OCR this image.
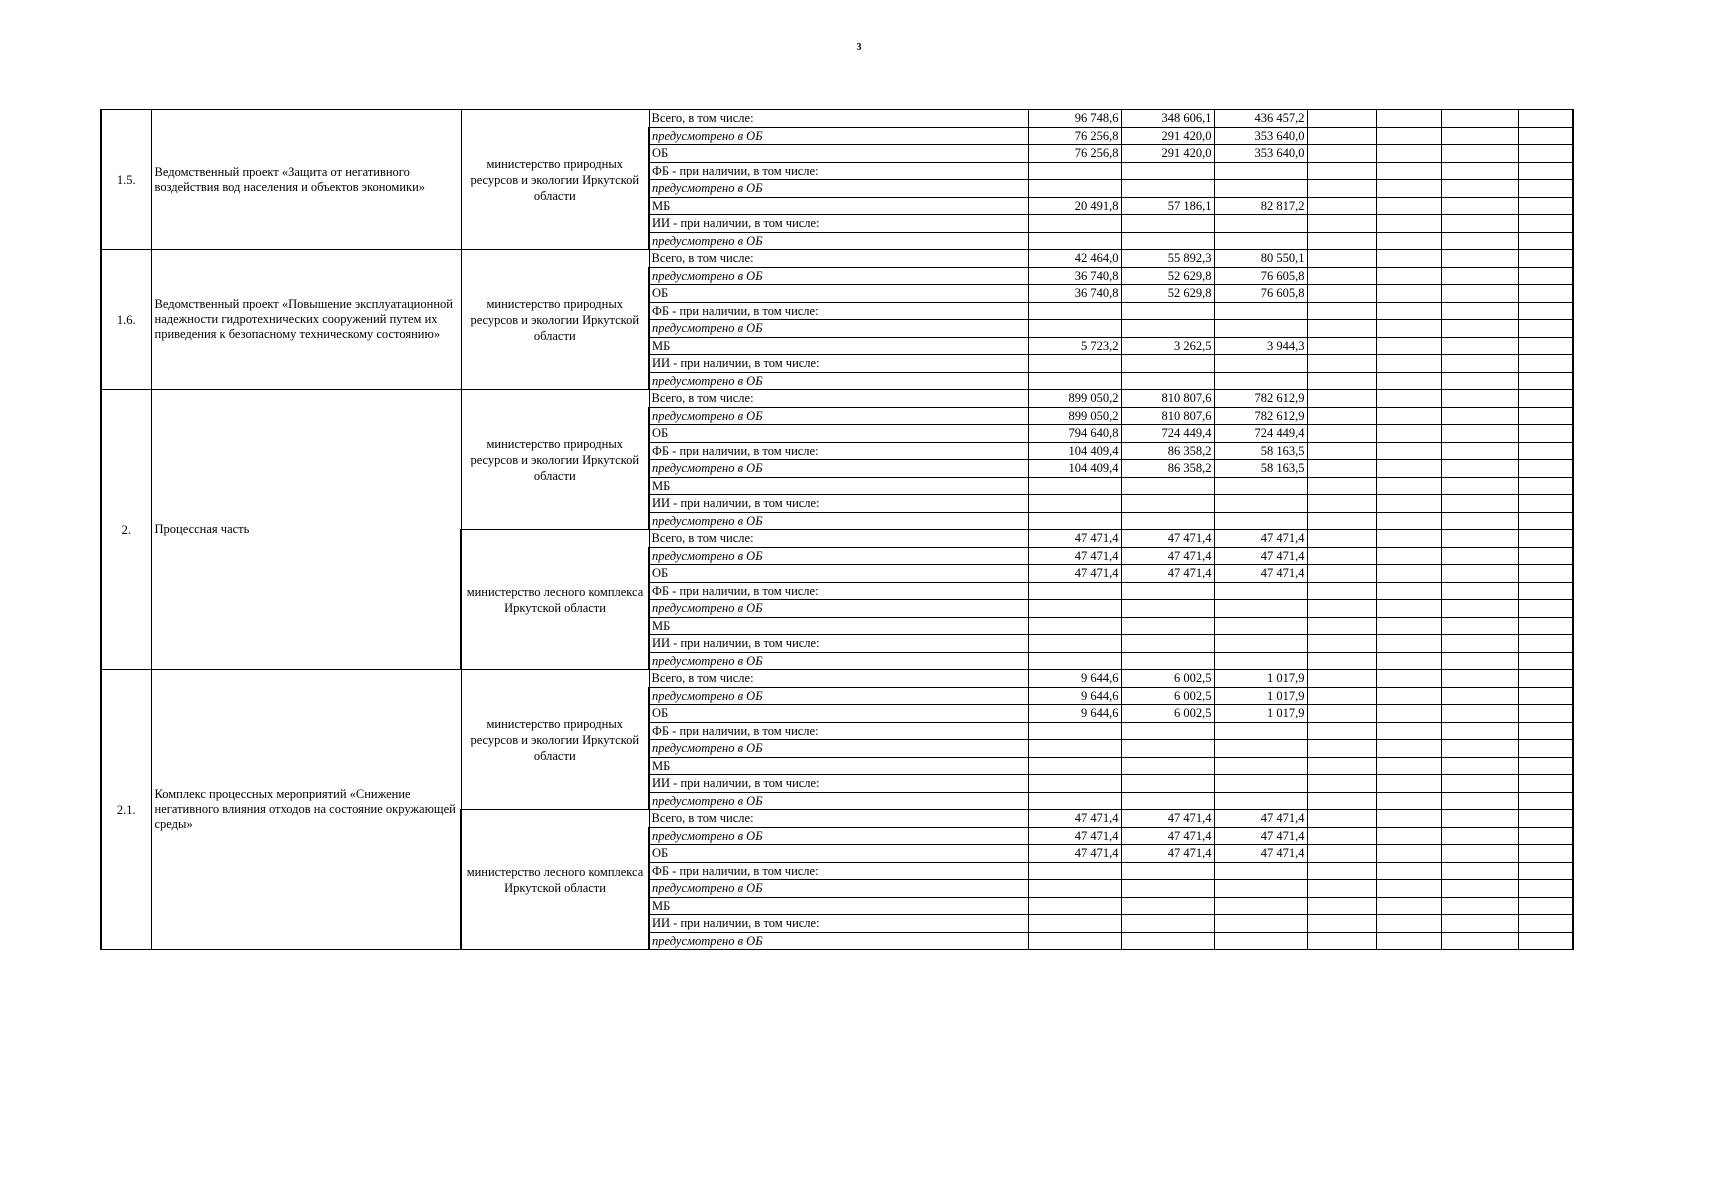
3
1.5.	Ведомственный проект «Защита от негативного воздействия вод населения и объектов экономики»	министерство природных ресурсов и экологии Иркутской области	Всего, в том числе:	96 748,6	348 606,1	436 457,2				
			предусмотрено в ОБ	76 256,8	291 420,0	353 640,0				
			ОБ	76 256,8	291 420,0	353 640,0				
			ФБ - при наличии, в том числе:							
			предусмотрено в ОБ							
			МБ	20 491,8	57 186,1	82 817,2				
			ИИ - при наличии, в том числе:							
			предусмотрено в ОБ							
1.6.	Ведомственный проект «Повышение эксплуатационной надежности гидротехнических сооружений путем их приведения к безопасному техническому состоянию»	министерство природных ресурсов и экологии Иркутской области	Всего, в том числе:	42 464,0	55 892,3	80 550,1				
			предусмотрено в ОБ	36 740,8	52 629,8	76 605,8				
			ОБ	36 740,8	52 629,8	76 605,8				
			ФБ - при наличии, в том числе:							
			предусмотрено в ОБ							
			МБ	5 723,2	3 262,5	3 944,3				
			ИИ - при наличии, в том числе:							
			предусмотрено в ОБ							
2.	Процессная часть	министерство природных ресурсов и экологии Иркутской области	Всего, в том числе:	899 050,2	810 807,6	782 612,9				
			предусмотрено в ОБ	899 050,2	810 807,6	782 612,9				
			ОБ	794 640,8	724 449,4	724 449,4				
			ФБ - при наличии, в том числе:	104 409,4	86 358,2	58 163,5				
			предусмотрено в ОБ	104 409,4	86 358,2	58 163,5				
			МБ							
			ИИ - при наличии, в том числе:							
			предусмотрено в ОБ							
		министерство лесного комплекса Иркутской области	Всего, в том числе:	47 471,4	47 471,4	47 471,4				
			предусмотрено в ОБ	47 471,4	47 471,4	47 471,4				
			ОБ	47 471,4	47 471,4	47 471,4				
			ФБ - при наличии, в том числе:							
			предусмотрено в ОБ							
			МБ							
			ИИ - при наличии, в том числе:							
			предусмотрено в ОБ							
2.1.	Комплекс процессных мероприятий «Снижение негативного влияния отходов на состояние окружающей среды»	министерство природных ресурсов и экологии Иркутской области	Всего, в том числе:	9 644,6	6 002,5	1 017,9				
			предусмотрено в ОБ	9 644,6	6 002,5	1 017,9				
			ОБ	9 644,6	6 002,5	1 017,9				
			ФБ - при наличии, в том числе:							
			предусмотрено в ОБ							
			МБ							
			ИИ - при наличии, в том числе:							
			предусмотрено в ОБ							
		министерство лесного комплекса Иркутской области	Всего, в том числе:	47 471,4	47 471,4	47 471,4				
			предусмотрено в ОБ	47 471,4	47 471,4	47 471,4				
			ОБ	47 471,4	47 471,4	47 471,4				
			ФБ - при наличии, в том числе:							
			предусмотрено в ОБ							
			МБ							
			ИИ - при наличии, в том числе:							
			предусмотрено в ОБ							
